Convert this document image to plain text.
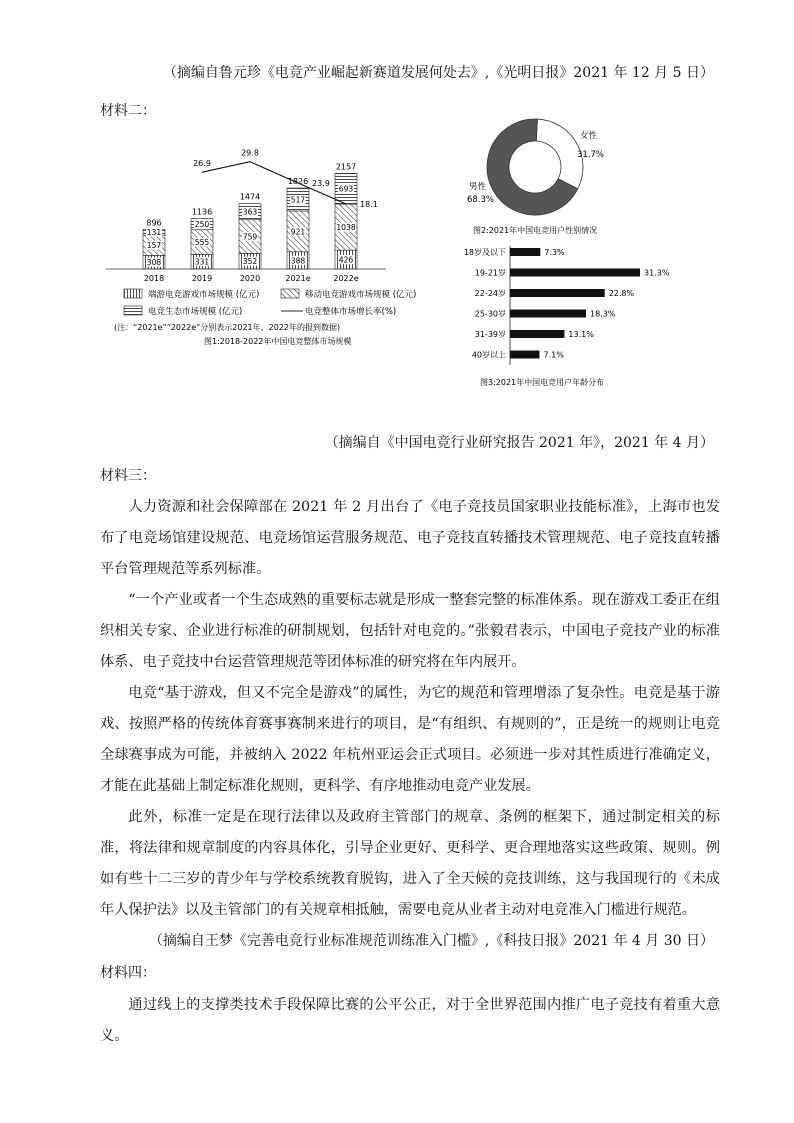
（摘编自鲁元珍《电竞产业崛起新赛道发展何处去》,《光明日报》2021 年 12 月 5 日）
材料二：
308
157
131
896
2018
331
555
250
1136
2019
352
759
363
1474
2020
388
921
517
1826
2021e
426
1038
693
2157
2022e
26.9
29.8
23.9
18.1
端游电竞游戏市场规模 (亿元)	移动电竞游戏市场规模 (亿元)
电竞生态市场规模 (亿元)	电竞整体市场增长率(%)
(注：“2021e”“2022e”分别表示2021年、2022年的报到数据)
图1:2018-2022年中国电竞整体市场规模
女性
31.7%
男性
68.3%
图2:2021年中国电竞用户性别情况
18岁及以下	7.3%
19-21岁	31.3%
22-24岁	22.8%
25-30岁	18.3%
31-39岁	13.1%
40岁以上	7.1%
图3:2021年中国电竞用户年龄分布
（摘编自《中国电竞行业研究报告 2021 年》，2021 年 4 月）
材料三：
人力资源和社会保障部在 2021 年 2 月出台了《电子竞技员国家职业技能标准》，上海市也发布了电竞场馆建设规范、电竞场馆运营服务规范、电子竞技直转播技术管理规范、电子竞技直转播平台管理规范等系列标准。
“一个产业或者一个生态成熟的重要标志就是形成一整套完整的标准体系。现在游戏工委正在组织相关专家、企业进行标准的研制规划，包括针对电竞的。”张毅君表示，中国电子竞技产业的标准体系、电子竞技中台运营管理规范等团体标准的研究将在年内展开。
电竞“基于游戏，但又不完全是游戏”的属性，为它的规范和管理增添了复杂性。电竞是基于游戏、按照严格的传统体育赛事赛制来进行的项目，是“有组织、有规则的”，正是统一的规则让电竞全球赛事成为可能，并被纳入 2022 年杭州亚运会正式项目。必须进一步对其性质进行准确定义，才能在此基础上制定标准化规则，更科学、有序地推动电竞产业发展。
此外，标准一定是在现行法律以及政府主管部门的规章、条例的框架下，通过制定相关的标准，将法律和规章制度的内容具体化，引导企业更好、更科学、更合理地落实这些政策、规则。例如有些十二三岁的青少年与学校系统教育脱钩，进入了全天候的竞技训练，这与我国现行的《未成年人保护法》以及主管部门的有关规章相抵触，需要电竞从业者主动对电竞准入门槛进行规范。
（摘编自王梦《完善电竞行业标准规范训练准入门槛》,《科技日报》2021 年 4 月 30 日）
材料四：
通过线上的支撑类技术手段保障比赛的公平公正，对于全世界范围内推广电子竞技有着重大意义。
